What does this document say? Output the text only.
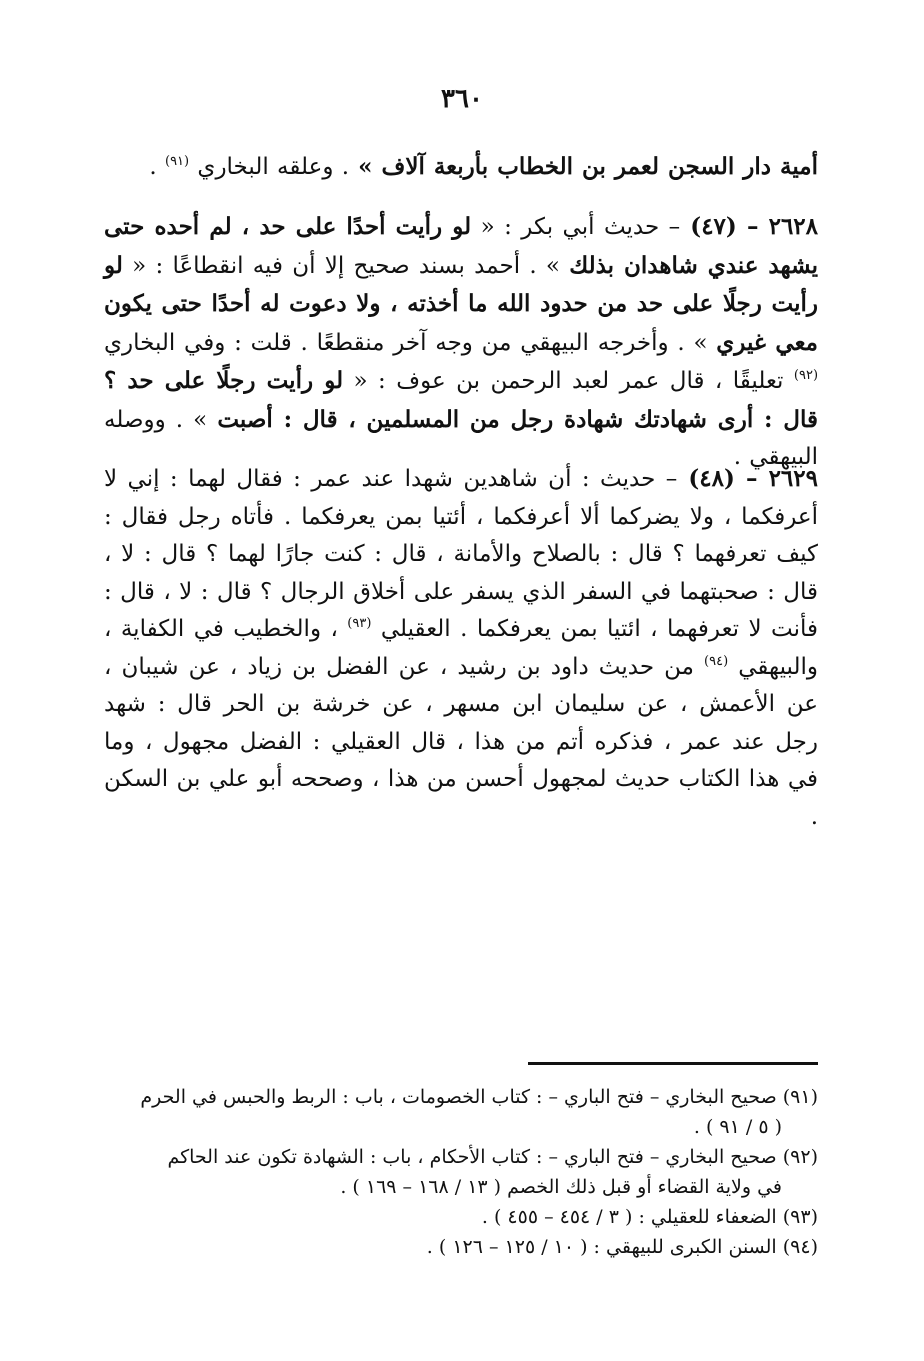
٣٦٠
أمية دار السجن لعمر بن الخطاب بأربعة آلاف » . وعلقه البخاري $^{(٩١)}$ .
٢٦٢٨ – (٤٧) – حديث أبي بكر : « لو رأيت أحدًا على حد ، لم أحده حتى يشهد عندي شاهدان بذلك » . أحمد بسند صحيح إلا أن فيه انقطاعًا : « لو رأيت رجلًا على حد من حدود الله ما أخذته ، ولا دعوت له أحدًا حتى يكون معي غيري » . وأخرجه البيهقي من وجه آخر منقطعًا . قلت : وفي البخاري $^{(٩٢)}$ تعليقًا ، قال عمر لعبد الرحمن بن عوف : « لو رأيت رجلًا على حد ؟ قال : أرى شهادتك شهادة رجل من المسلمين ، قال : أصبت » . ووصله البيهقي .
٢٦٢٩ – (٤٨) – حديث : أن شاهدين شهدا عند عمر : فقال لهما : إني لا أعرفكما ، ولا يضركما ألا أعرفكما ، أئتيا بمن يعرفكما . فأتاه رجل فقال : كيف تعرفهما ؟ قال : بالصلاح والأمانة ، قال : كنت جارًا لهما ؟ قال : لا ، قال : صحبتهما في السفر الذي يسفر على أخلاق الرجال ؟ قال : لا ، قال : فأنت لا تعرفهما ، ائتيا بمن يعرفكما . العقيلي $^{(٩٣)}$ ، والخطيب في الكفاية ، والبيهقي $^{(٩٤)}$ من حديث داود بن رشيد ، عن الفضل بن زياد ، عن شيبان ، عن الأعمش ، عن سليمان ابن مسهر ، عن خرشة بن الحر قال : شهد رجل عند عمر ، فذكره أتم من هذا ، قال العقيلي : الفضل مجهول ، وما في هذا الكتاب حديث لمجهول أحسن من هذا ، وصححه أبو علي بن السكن .
(٩١) صحيح البخاري – فتح الباري – : كتاب الخصومات ، باب : الربط والحبس في الحرم
( ٥ / ٩١ ) .
(٩٢) صحيح البخاري – فتح الباري – : كتاب الأحكام ، باب : الشهادة تكون عند الحاكم
في ولاية القضاء أو قبل ذلك الخصم ( ١٣ / ١٦٨ – ١٦٩ ) .
(٩٣) الضعفاء للعقيلي : ( ٣ / ٤٥٤ – ٤٥٥ ) .
(٩٤) السنن الكبرى للبيهقي : ( ١٠ / ١٢٥ – ١٢٦ ) .
